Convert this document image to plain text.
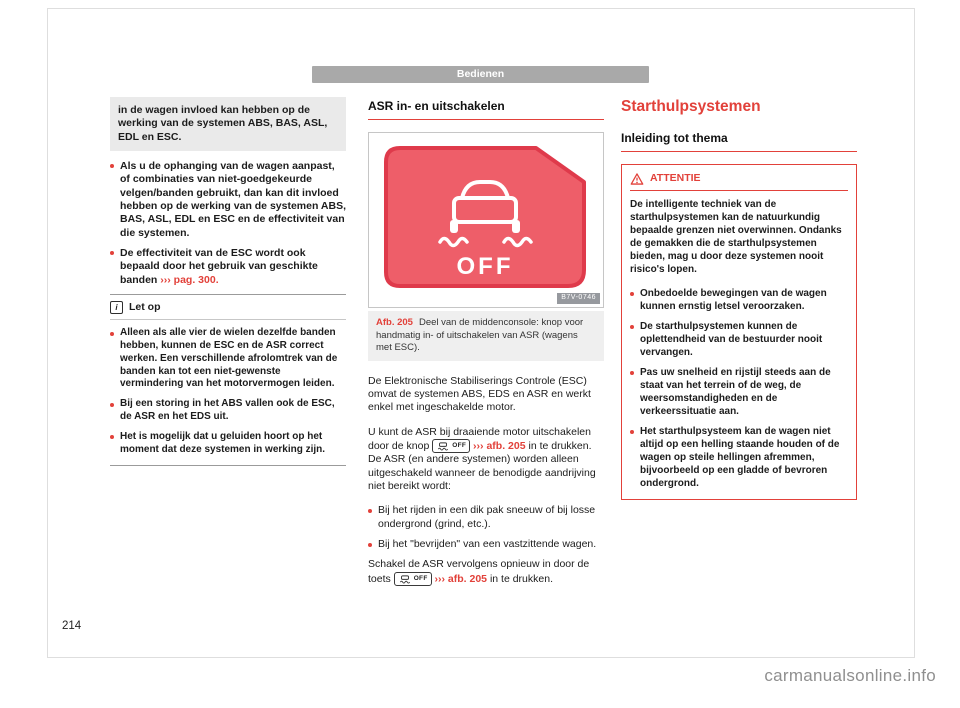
Bedienen
in de wagen invloed kan hebben op de werking van de systemen ABS, BAS, ASL, EDL en ESC.
Als u de ophanging van de wagen aanpast, of combinaties van niet-goedgekeurde velgen/banden gebruikt, dan kan dit invloed hebben op de werking van de systemen ABS, BAS, ASL, EDL en ESC en de effectiviteit van die systemen.
De effectiviteit van de ESC wordt ook bepaald door het gebruik van geschikte banden ››› pag. 300.
i	Let op
Alleen als alle vier de wielen dezelfde banden hebben, kunnen de ESC en de ASR correct werken. Een verschillende afrolomtrek van de banden kan tot een niet-gewenste vermindering van het motorvermogen leiden.
Bij een storing in het ABS vallen ook de ESC, de ASR en het EDS uit.
Het is mogelijk dat u geluiden hoort op het moment dat deze systemen in werking zijn.
ASR in- en uitschakelen
OFF
B7V-0746
Afb. 205 Deel van de middenconsole: knop voor handmatig in- of uitschakelen van ASR (wagens met ESC).

De Elektronische Stabiliserings Controle (ESC) omvat de systemen ABS, EDS en ASR en werkt enkel met ingeschakelde motor.

U kunt de ASR bij draaiende motor uitschakelen door de knop	OFF ››› afb. 205 in te drukken. De ASR (en andere systemen) worden alleen uitgeschakeld wanneer de benodigde aandrijving niet bereikt wordt:

Bij het rijden in een dik pak sneeuw of bij losse ondergrond (grind, etc.).
Bij het "bevrijden" van een vastzittende wagen.

Schakel de ASR vervolgens opnieuw in door de toets	OFF ››› afb. 205 in te drukken.

Starthulpsystemen
Inleiding tot thema
ATTENTIE

De intelligente techniek van de starthulpsystemen kan de natuurkundig bepaalde grenzen niet overwinnen. Ondanks de gemakken die de starthulpsystemen bieden, mag u door deze systemen nooit risico's lopen.

Onbedoelde bewegingen van de wagen kunnen ernstig letsel veroorzaken.
De starthulpsystemen kunnen de oplettendheid van de bestuurder nooit vervangen.
Pas uw snelheid en rijstijl steeds aan de staat van het terrein of de weg, de weersomstandigheden en de verkeerssituatie aan.
Het starthulpsysteem kan de wagen niet altijd op een helling staande houden of de wagen op steile hellingen afremmen, bijvoorbeeld op een gladde of bevroren ondergrond.
214
carmanualsonline.info
